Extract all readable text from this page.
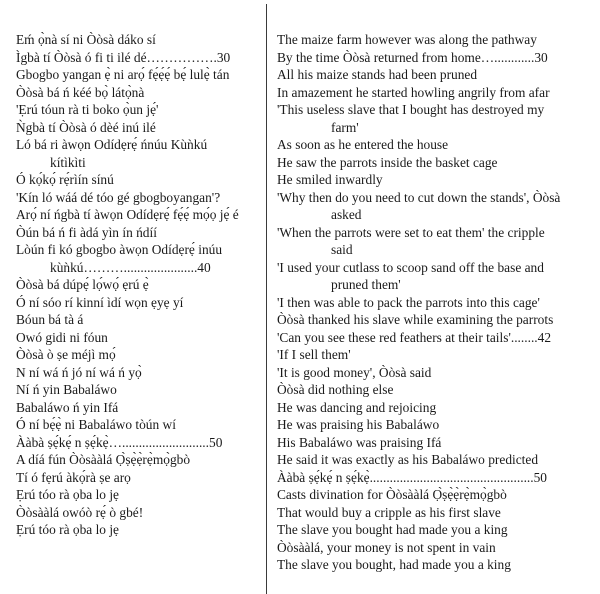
Eḿ ọ̀nà sí ni Òòsà dáko sí
Ìgbà tí Òòsà ó fi ti ilé dé…………….30
Gbogbo yangan ẹ̀ ni arọ́ fẹ́ẹ́ẹ́ bẹ́ lulẹ̀ tán
Òòsà bá ń kéé bọ̀ látọ̀nà
'Ẹrú tóun rà ti boko ọ̀un jẹ́'
Ǹgbà tí Òòsà ó dèé inú ilé
Ló bá ri àwọn Odídẹrẹ́ ńnúu Kùǹkú
kítìkìti
Ó kọ́kọ́ rẹ́rìín sínú
'Kín ló wáá dé tóo gé gbogboyangan'?
Arọ́ ní ńgbà tí àwọn Odídẹrẹ́ fẹ́ẹ́ mọ́ọ jẹ́ é
Òún bá ń fi àdá yìn ín ńdíí
Lòún fi kó gbogbo àwọn Odídẹrẹ́ inúu
kùǹkú………......................40
Òòsà bá dúpẹ́ lọ́wọ́ ẹrú ẹ̀
Ó ní sóo rí kinní ìdí wọn ẹyẹ yí
Bóun bá tà á
Owó gidi ni fóun
Òòsà ò ṣe méjì mọ́
N ní wá ń jó ní wá ń yọ̀
Ní ń yin Babaláwo
Babaláwo ń yin Ifá
Ó ní bẹ́ẹ̀ ni Babaláwo tòún wí
Ààbà ṣẹ́kẹ́ n ṣẹ́kẹ̀…..........................50
A díá fún Òòsààlá Ọ̀ṣẹ̀ẹ̀rẹ̀mọ̀gbò
Tí ó fẹrú àkọ́rà ṣe arọ
Ẹrú tóo rà ọba lo jẹ
Òòsààlá owóò rẹ́ ò gbé!
Ẹrú tóo rà ọba lo jẹ
The maize farm however was along the pathway
By the time Òòsà returned from home…............30
All his maize stands had been pruned
In amazement he started howling angrily from afar
'This useless slave that I bought has destroyed my
farm'
As soon as he entered the house
He saw the parrots inside the basket cage
He smiled inwardly
'Why then do you need to cut down the stands', Òòsà
asked
'When the parrots were set to eat them' the cripple
said
'I used your cutlass to scoop sand off the base and
pruned them'
'I then was able to pack the parrots into this cage'
Òòsà thanked his slave while examining the parrots
'Can you see these red feathers at their tails'........42
'If I sell them'
'It is good money', Òòsà said
Òòsà did nothing else
He was dancing and rejoicing
He was praising his Babaláwo
His Babaláwo was praising Ifá
He said it was exactly as his Babaláwo predicted
Ààbà ṣẹ́kẹ́ n ṣẹ́kẹ̀.................................................50
Casts divination for Òòsààlá Ọ̀ṣẹ̀ẹ̀rẹ̀mọ̀gbò
That would buy a cripple as his first slave
The slave you bought had made you a king
Òòsààlá, your money is not spent in vain
The slave you bought, had made you a king
